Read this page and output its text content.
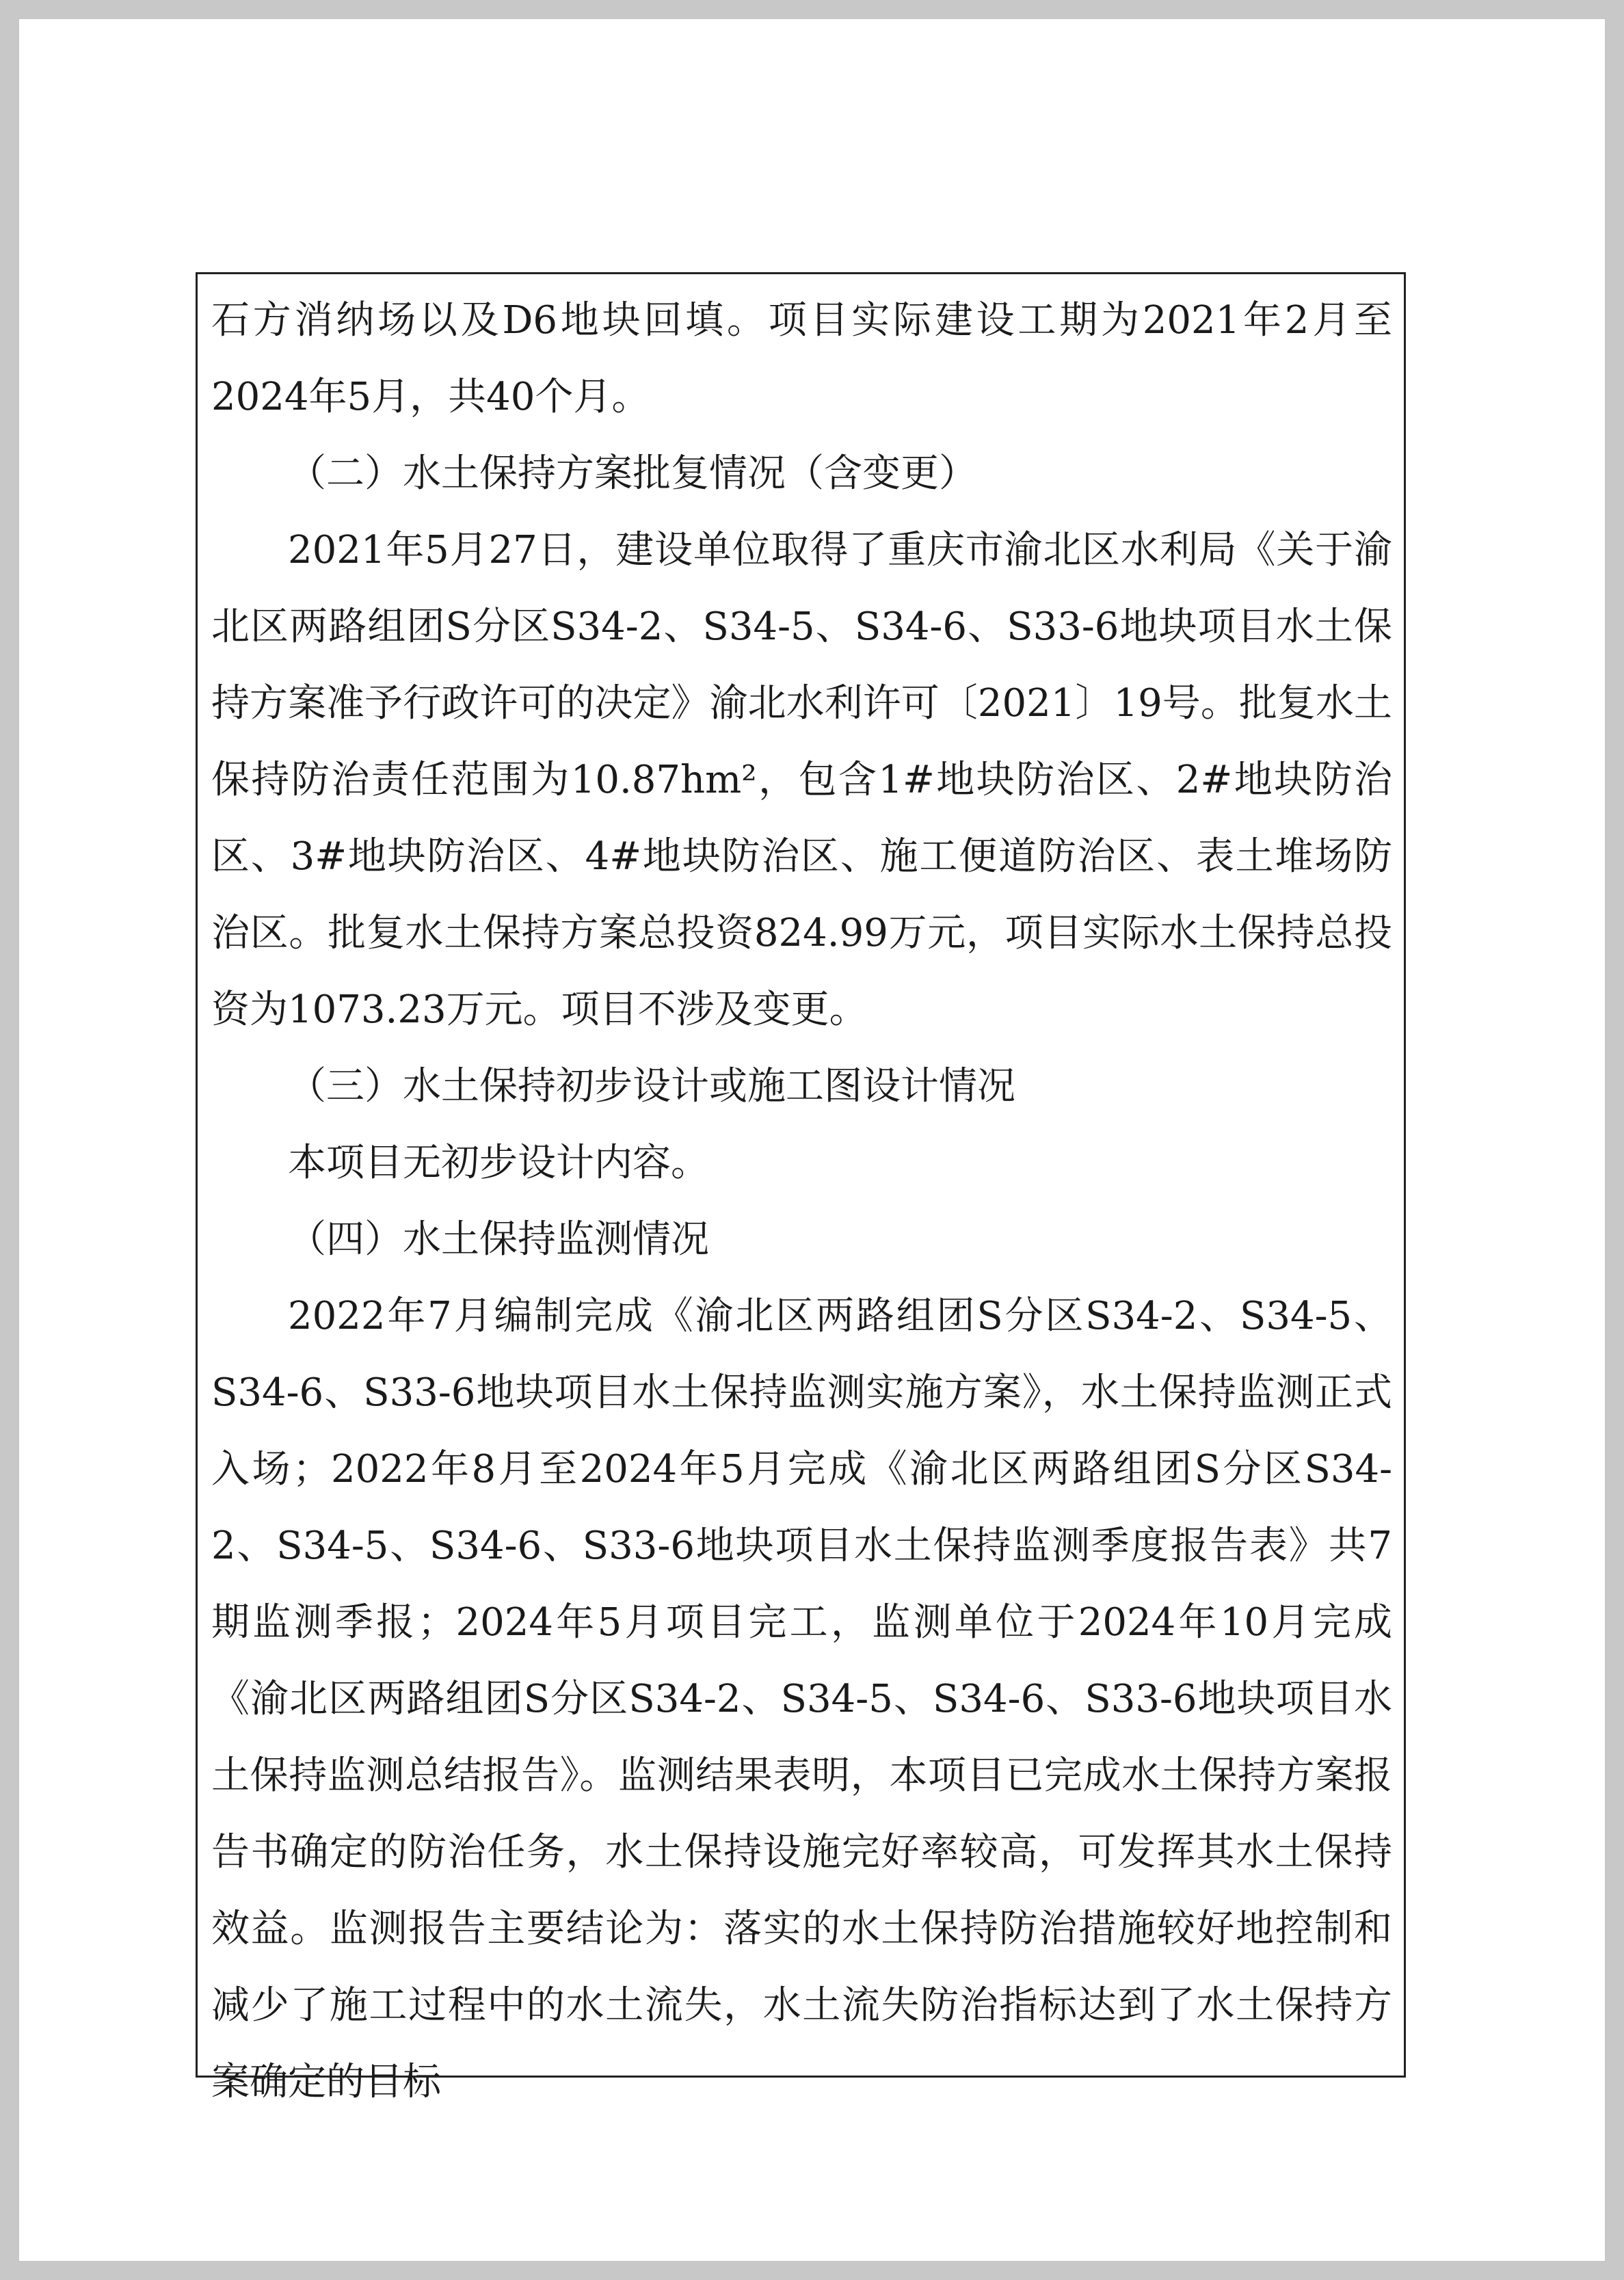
石方消纳场以及D6地块回填。项目实际建设工期为2021年2月至2024年5月，共40个月。

（二）水土保持方案批复情况（含变更）

2021年5月27日，建设单位取得了重庆市渝北区水利局《关于渝北区两路组团S分区S34-2、S34-5、S34-6、S33-6地块项目水土保持方案准予行政许可的决定》渝北水利许可〔2021〕19号。批复水土保持防治责任范围为10.87hm²，包含1#地块防治区、2#地块防治区、3#地块防治区、4#地块防治区、施工便道防治区、表土堆场防治区。批复水土保持方案总投资824.99万元，项目实际水土保持总投资为1073.23万元。项目不涉及变更。

（三）水土保持初步设计或施工图设计情况

本项目无初步设计内容。

（四）水土保持监测情况

2022年7月编制完成《渝北区两路组团S分区S34-2、S34-5、S34-6、S33-6地块项目水土保持监测实施方案》，水土保持监测正式入场；2022年8月至2024年5月完成《渝北区两路组团S分区S34-2、S34-5、S34-6、S33-6地块项目水土保持监测季度报告表》共7期监测季报；2024年5月项目完工，监测单位于2024年10月完成《渝北区两路组团S分区S34-2、S34-5、S34-6、S33-6地块项目水土保持监测总结报告》。监测结果表明，本项目已完成水土保持方案报告书确定的防治任务，水土保持设施完好率较高，可发挥其水土保持效益。监测报告主要结论为：落实的水土保持防治措施较好地控制和减少了施工过程中的水土流失，水土流失防治指标达到了水土保持方案确定的目标
